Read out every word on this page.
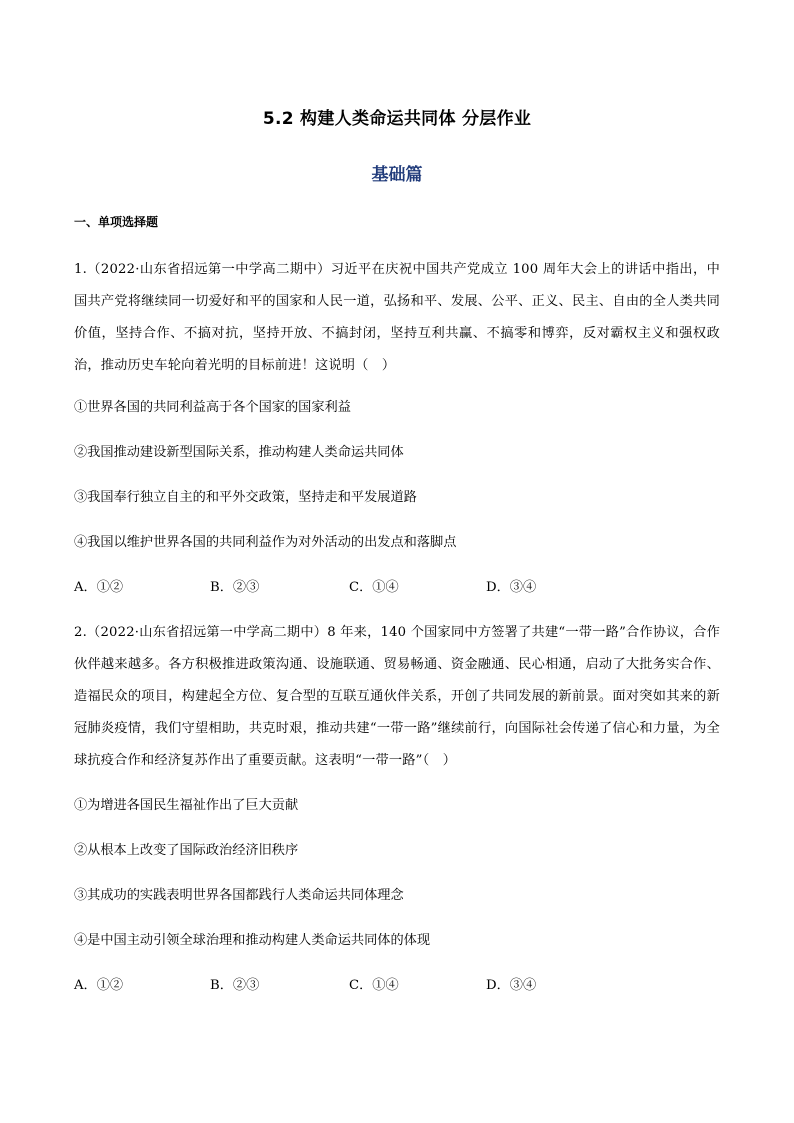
5.2 构建人类命运共同体 分层作业
基础篇
一、单项选择题
1.（2022·山东省招远第一中学高二期中）习近平在庆祝中国共产党成立 100 周年大会上的讲话中指出，中国共产党将继续同一切爱好和平的国家和人民一道，弘扬和平、发展、公平、正义、民主、自由的全人类共同价值，坚持合作、不搞对抗，坚持开放、不搞封闭，坚持互利共赢、不搞零和博弈，反对霸权主义和强权政治，推动历史车轮向着光明的目标前进！这说明（　）
①世界各国的共同利益高于各个国家的国家利益
②我国推动建设新型国际关系，推动构建人类命运共同体
③我国奉行独立自主的和平外交政策，坚持走和平发展道路
④我国以维护世界各国的共同利益作为对外活动的出发点和落脚点
A．①②	B．②③	C．①④	D．③④
2.（2022·山东省招远第一中学高二期中）8 年来，140 个国家同中方签署了共建“一带一路”合作协议，合作伙伴越来越多。各方积极推进政策沟通、设施联通、贸易畅通、资金融通、民心相通，启动了大批务实合作、造福民众的项目，构建起全方位、复合型的互联互通伙伴关系，开创了共同发展的新前景。面对突如其来的新冠肺炎疫情，我们守望相助，共克时艰，推动共建“一带一路”继续前行，向国际社会传递了信心和力量，为全球抗疫合作和经济复苏作出了重要贡献。这表明“一带一路”（　）
①为增进各国民生福祉作出了巨大贡献
②从根本上改变了国际政治经济旧秩序
③其成功的实践表明世界各国都践行人类命运共同体理念
④是中国主动引领全球治理和推动构建人类命运共同体的体现
A．①②	B．②③	C．①④	D．③④
